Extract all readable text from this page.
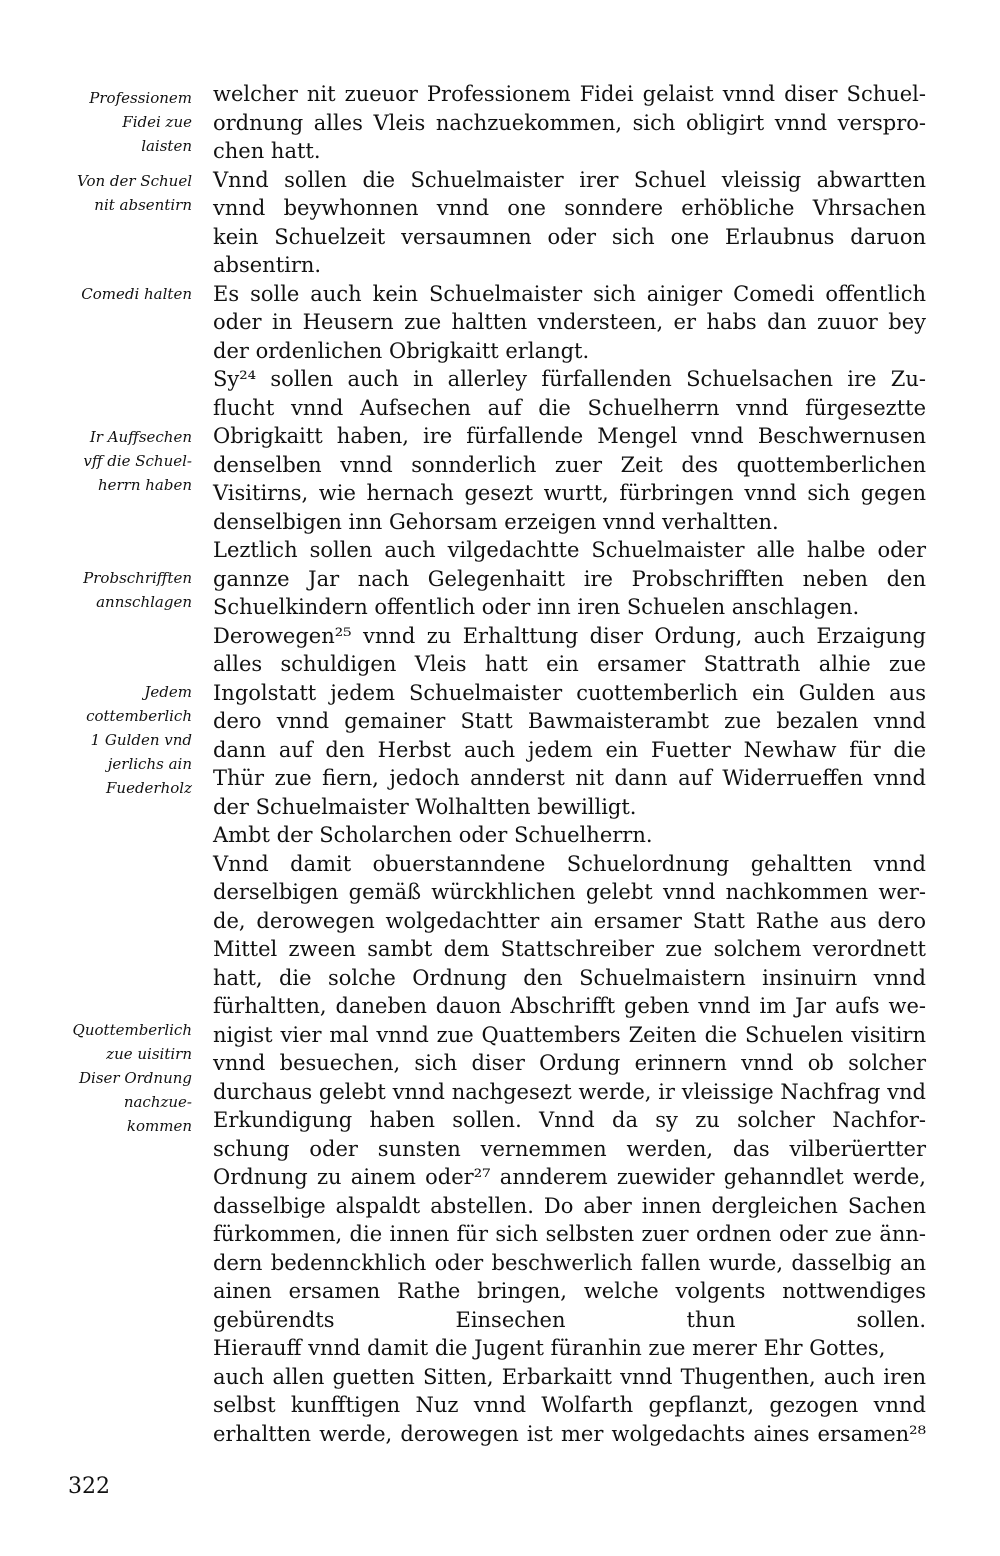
Professionem
Fidei zue
laisten
Von der Schuel
nit absentirn
Comedi halten
Ir Auffsechen
vff die Schuel-
herrn haben
Probschrifften
annschlagen
Jedem
cottemberlich
1 Gulden vnd
jerlichs ain
Fuederholz
Quottemberlich
zue uisitirn
Diser Ordnung
nachzue-
kommen
welcher nit zueuor Professionem Fidei gelaist vnnd diser Schuel-
ordnung alles Vleis nachzuekommen, sich obligirt vnnd verspro-
chen hatt.
Vnnd sollen die Schuelmaister irer Schuel vleissig abwartten
vnnd beywhonnen vnnd one sonndere erhöbliche Vhrsachen
kein Schuelzeit versaumnen oder sich one Erlaubnus daruon
absentirn.
Es solle auch kein Schuelmaister sich ainiger Comedi offentlich
oder in Heusern zue haltten vndersteen, er habs dan zuuor bey
der ordenlichen Obrigkaitt erlangt.
Sy²⁴ sollen auch in allerley fürfallenden Schuelsachen ire Zu-
flucht vnnd Aufsechen auf die Schuelherrn vnnd fürgeseztte
Obrigkaitt haben, ire fürfallende Mengel vnnd Beschwernusen
denselben vnnd sonnderlich zuer Zeit des quottemberlichen
Visitirns, wie hernach gesezt wurtt, fürbringen vnnd sich gegen
denselbigen inn Gehorsam erzeigen vnnd verhaltten.
Leztlich sollen auch vilgedachtte Schuelmaister alle halbe oder
gannze Jar nach Gelegenhaitt ire Probschrifften neben den
Schuelkindern offentlich oder inn iren Schuelen anschlagen.
Derowegen²⁵ vnnd zu Erhalttung diser Ordung, auch Erzaigung
alles schuldigen Vleis hatt ein ersamer Stattrath alhie zue
Ingolstatt jedem Schuelmaister cuottemberlich ein Gulden aus
dero vnnd gemainer Statt Bawmaisterambt zue bezalen vnnd
dann auf den Herbst auch jedem ein Fuetter Newhaw für die
Thür zue fiern, jedoch annderst nit dann auf Widerrueffen vnnd
der Schuelmaister Wolhaltten bewilligt.
Ambt der Scholarchen oder Schuelherrn.
Vnnd damit obuerstanndene Schuelordnung gehaltten vnnd
derselbigen gemäß würckhlichen gelebt vnnd nachkommen wer-
de, derowegen wolgedachtter ain ersamer Statt Rathe aus dero
Mittel zween sambt dem Stattschreiber zue solchem verordnett
hatt, die solche Ordnung den Schuelmaistern insinuirn vnnd
fürhaltten, daneben dauon Abschrifft geben vnnd im Jar aufs we-
nigist vier mal vnnd zue Quattembers Zeiten die Schuelen visitirn
vnnd besuechen, sich diser Ordung erinnern vnnd ob solcher
durchaus gelebt vnnd nachgesezt werde, ir vleissige Nachfrag vnd
Erkundigung haben sollen. Vnnd da sy zu solcher Nachfor-
schung oder sunsten vernemmen werden, das vilberüertter
Ordnung zu ainem oder²⁷ annderem zuewider gehanndlet werde,
dasselbige alspaldt abstellen. Do aber innen dergleichen Sachen
fürkommen, die innen für sich selbsten zuer ordnen oder zue änn-
dern bedennckhlich oder beschwerlich fallen wurde, dasselbig an
ainen ersamen Rathe bringen, welche volgents nottwendiges
gebürendts Einsechen thun sollen.
Hierauff vnnd damit die Jugent füranhin zue merer Ehr Gottes,
auch allen guetten Sitten, Erbarkaitt vnnd Thugenthen, auch iren
selbst kunfftigen Nuz vnnd Wolfarth gepflanzt, gezogen vnnd
erhaltten werde, derowegen ist mer wolgedachts aines ersamen²⁸
322
